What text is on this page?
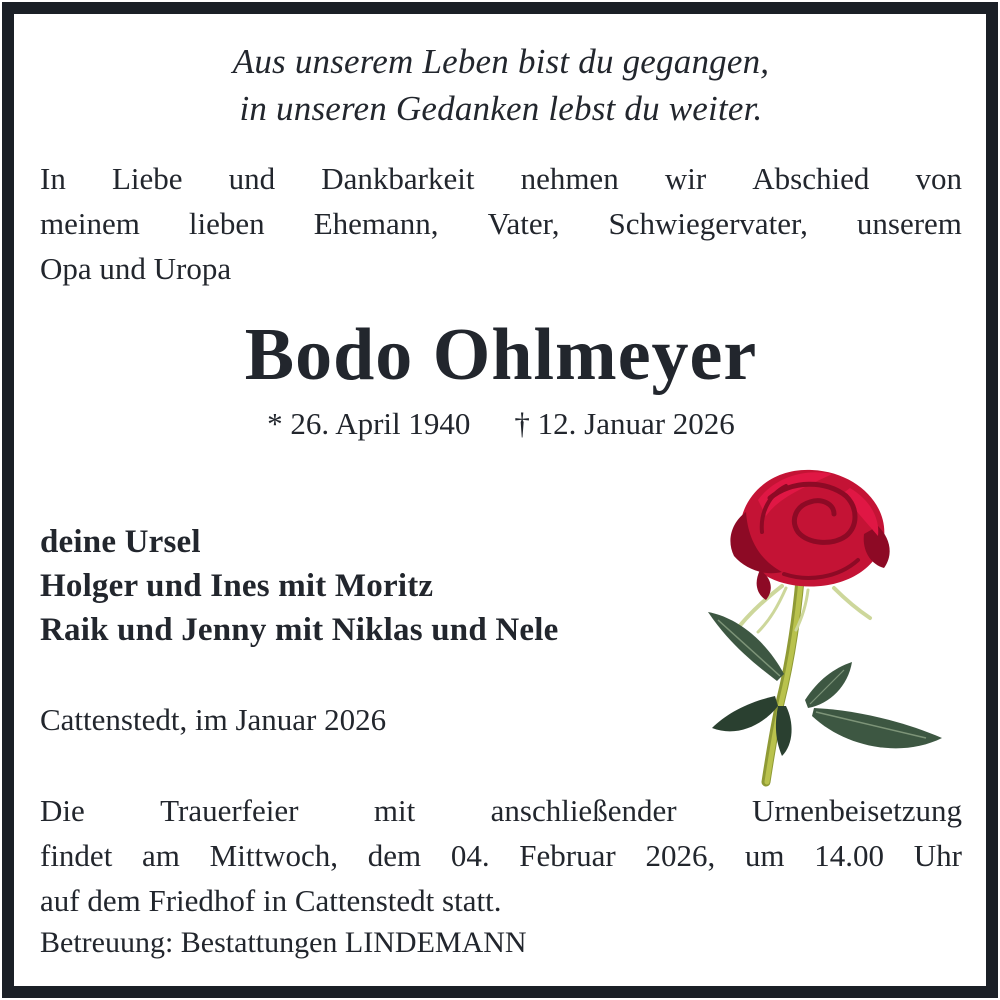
Aus unserem Leben bist du gegangen,
in unseren Gedanken lebst du weiter.
In Liebe und Dankbarkeit nehmen wir Abschied von
meinem lieben Ehemann, Vater, Schwiegervater, unserem
Opa und Uropa
Bodo Ohlmeyer
* 26. April 1940 † 12. Januar 2026
deine Ursel
Holger und Ines mit Moritz
Raik und Jenny mit Niklas und Nele
Cattenstedt, im Januar 2026
Die Trauerfeier mit anschließender Urnenbeisetzung
findet am Mittwoch, dem 04. Februar 2026, um 14.00 Uhr
auf dem Friedhof in Cattenstedt statt.
Betreuung: Bestattungen LINDEMANN
